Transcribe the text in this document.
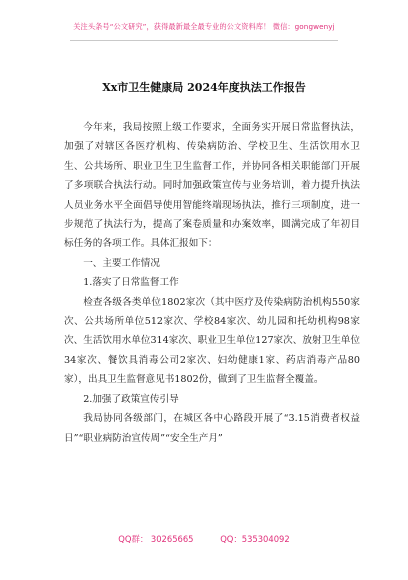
关注头条号“公文研究”，获得最新最全最专业的公文资料库！ 微信：gongwenyj
Xx市卫生健康局 2024年度执法工作报告

今年来，我局按照上级工作要求，全面务实开展日常监督执法，加强了对辖区各医疗机构、传染病防治、学校卫生、生活饮用水卫生、公共场所、职业卫生卫生监督工作，并协同各相关职能部门开展了多项联合执法行动。同时加强政策宣传与业务培训，着力提升执法人员业务水平全面倡导使用智能终端现场执法，推行三项制度，进一步规范了执法行为，提高了案卷质量和办案效率，圆满完成了年初目标任务的各项工作。具体汇报如下：

一、主要工作情况

1.落实了日常监督工作

检查各级各类单位1802家次（其中医疗及传染病防治机构550家次、公共场所单位512家次、学校84家次、幼儿园和托幼机构98家次、生活饮用水单位314家次、职业卫生单位127家次、放射卫生单位34家次、餐饮具消毒公司2家次、妇幼健康1家、药店消毒产品80家），出具卫生监督意见书1802份，做到了卫生监督全覆盖。

2.加强了政策宣传引导

我局协同各级部门，在城区各中心路段开展了“3.15消费者权益日”“职业病防治宣传周”“安全生产月”

QQ群： 30265665	QQ：535304092
